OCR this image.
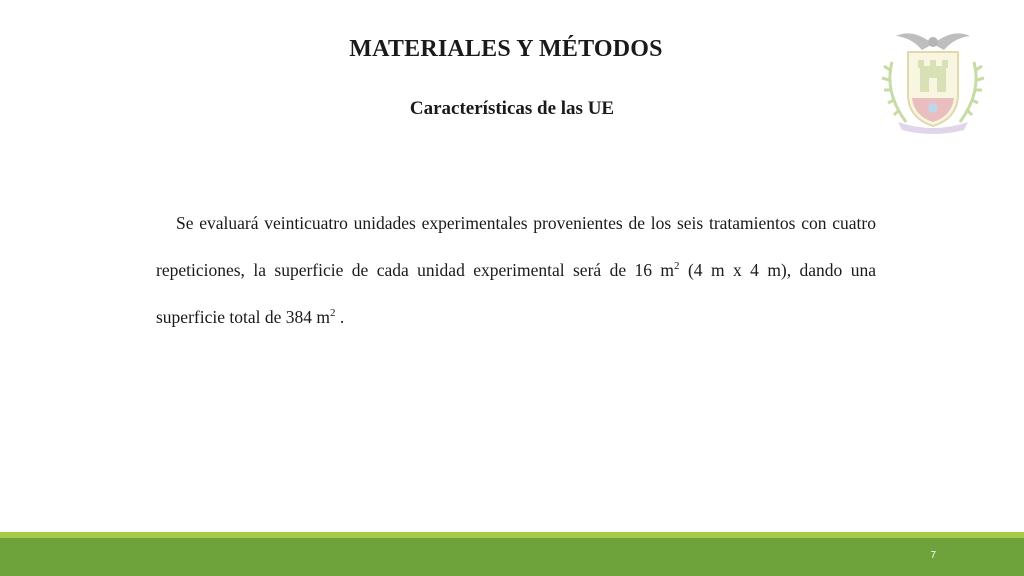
MATERIALES Y MÉTODOS
Características de las UE

Se evaluará veinticuatro unidades experimentales provenientes de los seis tratamientos con cuatro repeticiones, la superficie de cada unidad experimental será de 16 $m^2$ (4 m x 4 m), dando una superficie total de 384 $m^2$ .

7
